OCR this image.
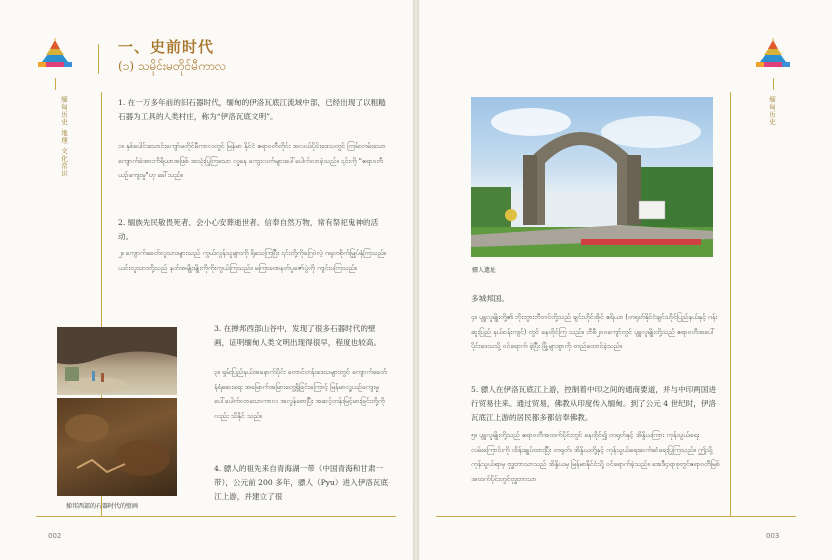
一、史前时代
(၁) သမိုင်းမတိုင်မီကာလ
缅甸历史 地理 文化常识	1. 在一万多年前的旧石器时代，缅甸的伊洛瓦底江流域中部，已经出现了以粗糙石器为工具的人类村庄，称为“伊洛瓦底文明”。
၁။ နှစ်ပေါင်းသောင်းကျော်မတိုင်မီကာလတွင် မြန်မာ နိုင်ငံ ဧရာဝတီတိုင်း အလယ်ပိုင်းဒေသတွင် ကြမ်းတမ်းသော ကျောက်ခဲအားကိရိယာအဖြစ် အသုံးပြုကြသော လူနေ ကျေးလက်များပေါ်ပေါက်လာခဲ့သည်။ ၎င်းကို "ဧရာဝတီ ယဉ်ကျေးမှု"ဟု ခေါ်သည်။
2. 缅族先民敬畏死者、会小心安葬逝世者。信奉自然万物，常有祭祀鬼神的活动。
၂။ ကျောက်ခေတ်လူသားများသည် ကွယ်လွန်သူများကို ရိုသေကြပြီး ၎င်းတို့ကိုဂြေဝဲလဲ့ ဂရုတစိုက်မြှုပ်နှံကြသည်။ ယင်းလူသားတို့သည် နတ်အမျိုးမျိုးကိုကိုးကွယ်ကြသည်။ မကြာခဏနတ်ပူဇော်ပွဲကို ကျင်းပကြသည်။
3. 在掸邦西部山谷中，发现了很多石器时代的壁画，证明缅甸人类文明出现得很早，程度也较高。
၃။ ရှမ်းပြည်နယ်အနောက်ပိုင်း တောင်တန်းဒေသများတွင် ကျောက်ခေတ်နံရံဆေးရေး အမြောက်အမြားတွေ့ရှိခြင်းကြောင့် မြန်မာလူ့ယဉ်ကျေးမှု ပေါ်ပေါက်လာသောကာလ အလွန်စောပြီး အဆင့်တန်းမြင့်မားခြင်းတို့ကိုလည်း သိနိုင် သည်။
4. 骠人的祖先来自青海湖一带（中国青海和甘肃一带），公元前 200 多年，骠人（Pyu）进入伊洛瓦底江上游，并建立了很
掸邦西部的石器时代的壁画
002
缅甸历史
骠人遗址
多城邦国。
၄။ ပျူလူမျိုးတို့၏ ဘိုးဘွားဘီဘင်တို့သည် ချင်းဟိုင်အိုင် ဧရိယာ (တရုတ်နိုင်ငံချင်းဟိုင်ပြည်နယ်နှင့် ဂန်းဆူးပြည် နယ်ဝန်းကျင်) တွင် နေထိုင်ကြ သည်။ ဘီစီ၂၀၀ကျော်တွင် ပျူလူမျိုးတို့သည် ဧရာဝတီအပေါ်ပိုင်းဒေသသို့ ဝင်ရောက် ခဲ့ပြီး မြို့များစွာကို တည်ထောင်ခဲ့သည်။
5. 骠人在伊洛瓦底江上游，控制着中印之间的通商要道，并与中印两国进行贸易往来。通过贸易，佛教从印度传入缅甸。到了公元 4 世纪时，伊洛瓦底江上游的居民都多都信奉佛教。
၅။ ပျူလူမျိုးတို့သည် ဧရာဝတီအထက်ပိုင်းတွင် နေထိုင်၍ တရုတ်နှင့် အိန္ဒိယကြား ကုန်သွယ်ရေးလမ်းကြောင်းကို ထိန်းချုပ်ထားပြီး တရုတ်၊ အိန္ဒိယတို့နှင့် ကုန်သွယ်ရေးဆက်ဆံရေးပြုကြသည်။ ဤသို့ကုန်သွယ်ရာမှ ဗုဒ္ဓဘာသာသည် အိန္ဒိယမှ မြန်မာနိုင်ငံသို့ ဝင်ရောက်ခဲ့သည်။ အေဒီ၄ရာစုတွင်ဧရာဝတီမြစ်အထက်ပိုင်းတွင်ဗုဒ္ဓဘာသာ
003
